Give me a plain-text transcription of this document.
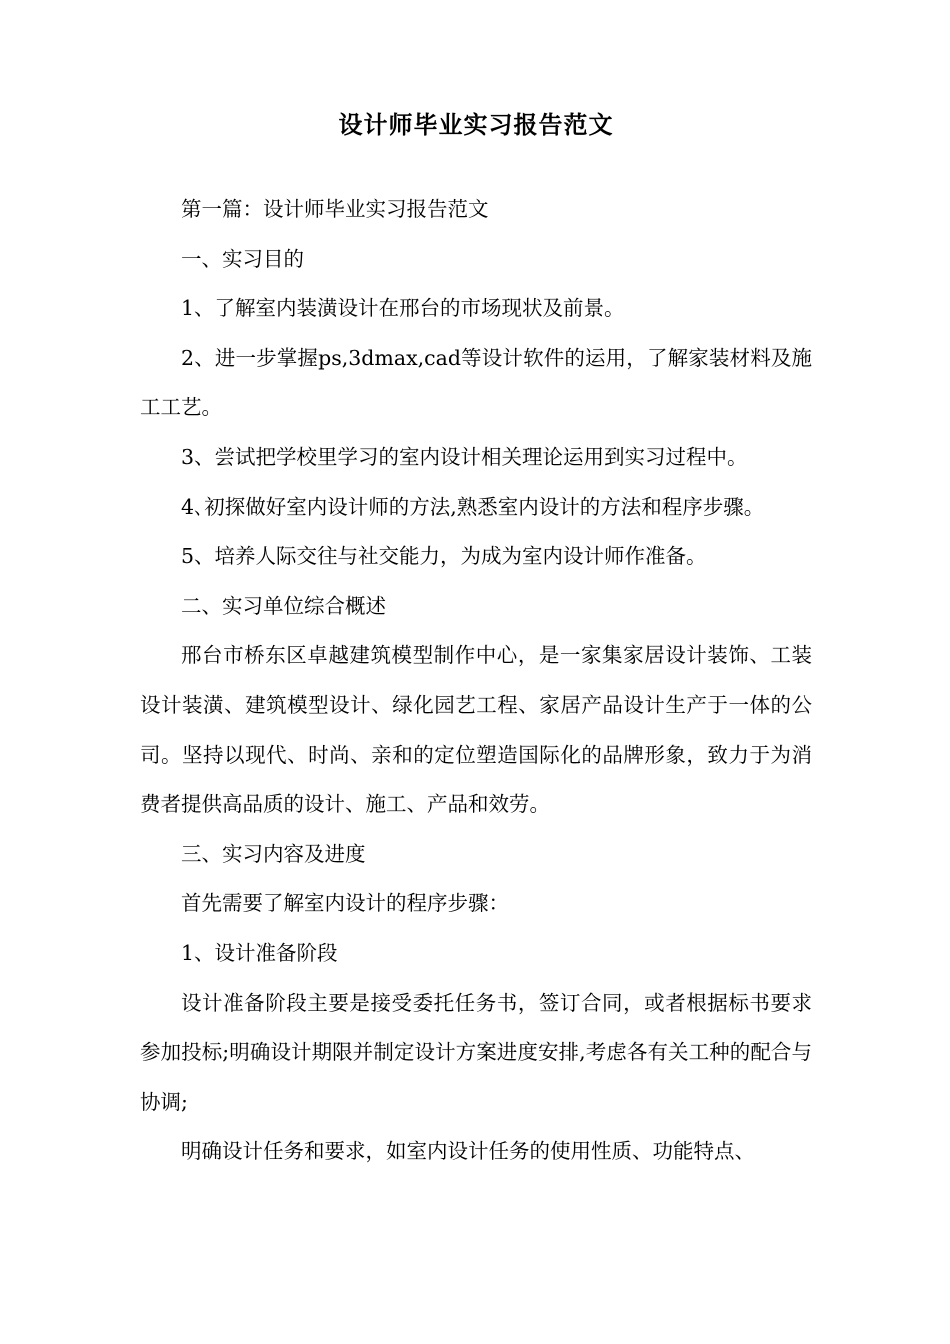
设计师毕业实习报告范文

第一篇：设计师毕业实习报告范文

一、实习目的

1、了解室内装潢设计在邢台的市场现状及前景。

2、进一步掌握ps,3dmax,cad等设计软件的运用，了解家装材料及施工工艺。

3、尝试把学校里学习的室内设计相关理论运用到实习过程中。

4､初探做好室内设计师的方法,熟悉室内设计的方法和程序步骤。

5、培养人际交往与社交能力，为成为室内设计师作准备。

二、实习单位综合概述

邢台市桥东区卓越建筑模型制作中心，是一家集家居设计装饰、工装设计装潢、建筑模型设计、绿化园艺工程、家居产品设计生产于一体的公司。坚持以现代、时尚、亲和的定位塑造国际化的品牌形象，致力于为消费者提供高品质的设计、施工、产品和效劳。

三、实习内容及进度

首先需要了解室内设计的程序步骤：

1、设计准备阶段

设计准备阶段主要是接受委托任务书，签订合同，或者根据标书要求参加投标;明确设计期限并制定设计方案进度安排,考虑各有关工种的配合与协调;

明确设计任务和要求，如室内设计任务的使用性质、功能特点、
